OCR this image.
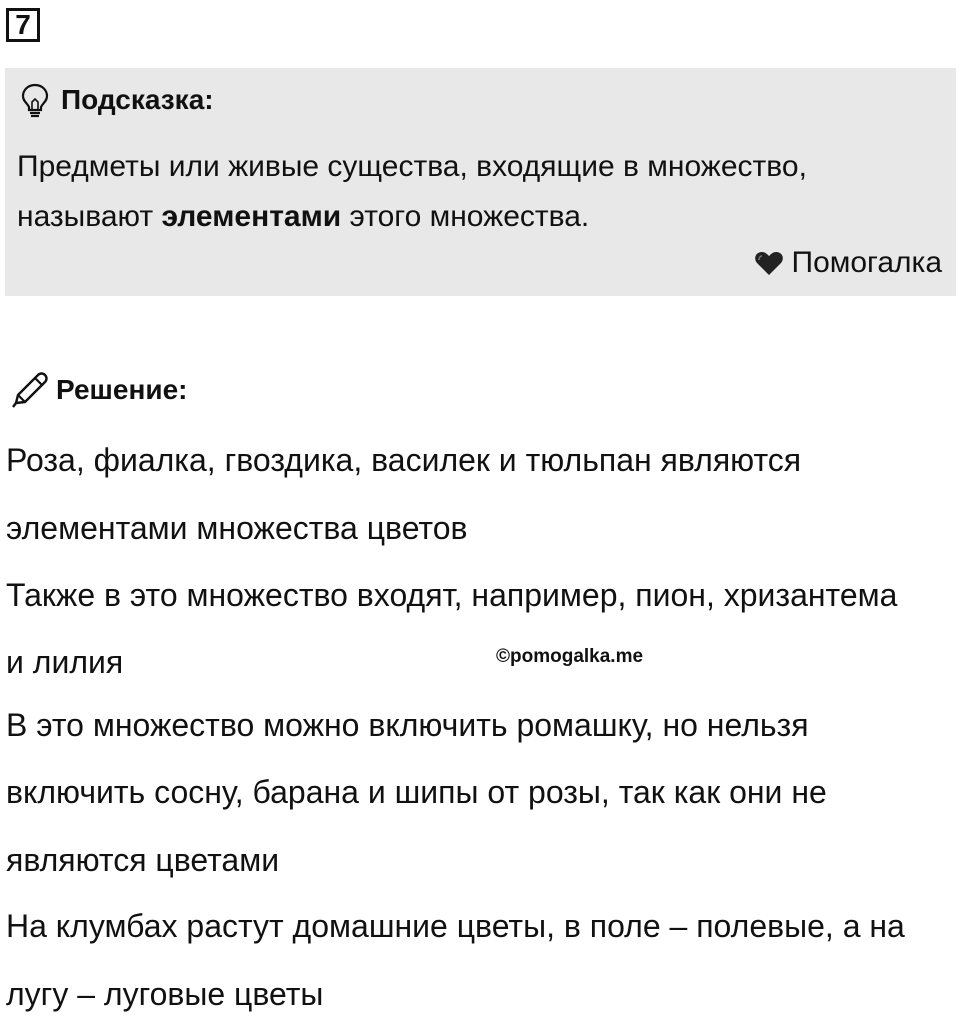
7
Подсказка:
Предметы или живые существа, входящие в множество,
называют элементами этого множества.
Помогалка
Решение:
Роза, фиалка, гвоздика, василек и тюльпан являются
элементами множества цветов
Также в это множество входят, например, пион, хризантема
и лилия
В это множество можно включить ромашку, но нельзя
включить сосну, барана и шипы от розы, так как они не
являются цветами
На клумбах растут домашние цветы, в поле – полевые, а на
лугу – луговые цветы
©pomogalka.me
